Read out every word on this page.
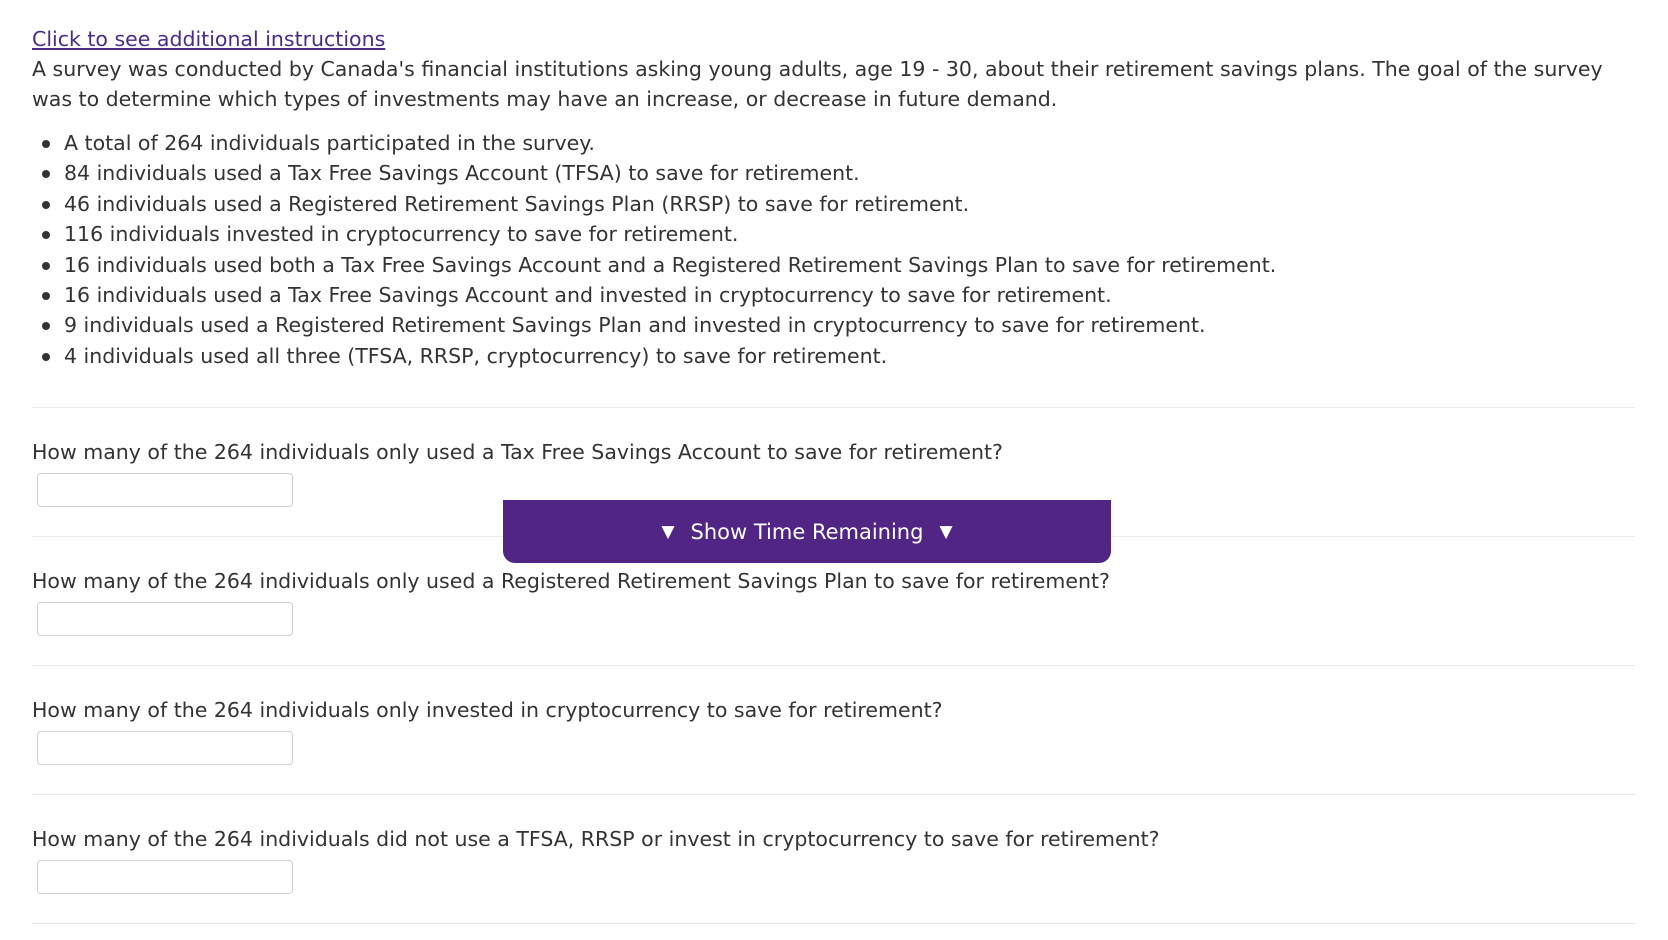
Click to see additional instructions

A survey was conducted by Canada's financial institutions asking young adults, age 19 - 30, about their retirement savings plans. The goal of the survey was to determine which types of investments may have an increase, or decrease in future demand.

A total of 264 individuals participated in the survey.
84 individuals used a Tax Free Savings Account (TFSA) to save for retirement.
46 individuals used a Registered Retirement Savings Plan (RRSP) to save for retirement.
116 individuals invested in cryptocurrency to save for retirement.
16 individuals used both a Tax Free Savings Account and a Registered Retirement Savings Plan to save for retirement.
16 individuals used a Tax Free Savings Account and invested in cryptocurrency to save for retirement.
9 individuals used a Registered Retirement Savings Plan and invested in cryptocurrency to save for retirement.
4 individuals used all three (TFSA, RRSP, cryptocurrency) to save for retirement.

How many of the 264 individuals only used a Tax Free Savings Account to save for retirement?

How many of the 264 individuals only used a Registered Retirement Savings Plan to save for retirement?

How many of the 264 individuals only invested in cryptocurrency to save for retirement?

How many of the 264 individuals did not use a TFSA, RRSP or invest in cryptocurrency to save for retirement?

▼ Show Time Remaining ▼
